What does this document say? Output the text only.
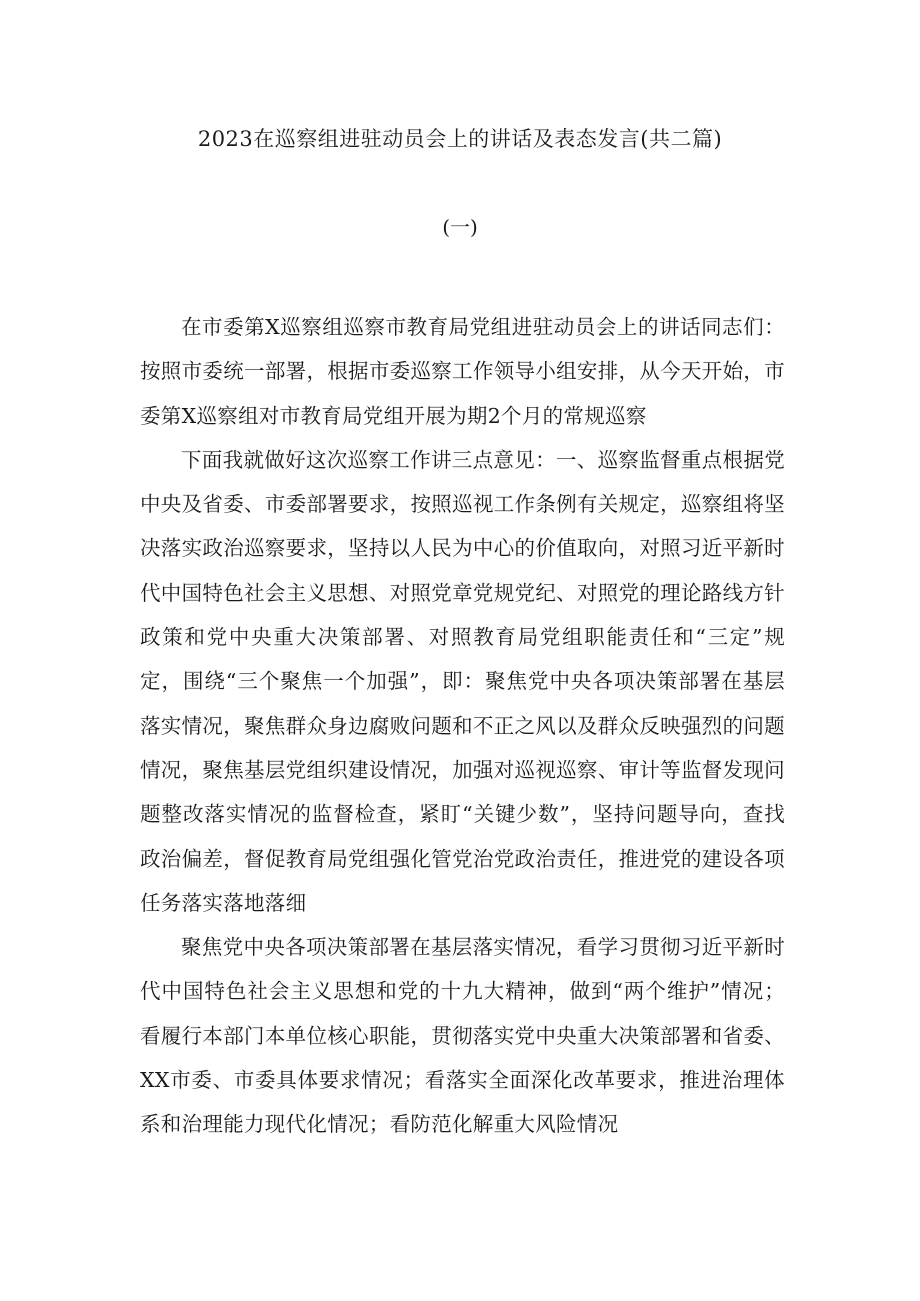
2023在巡察组进驻动员会上的讲话及表态发言(共二篇)
(一)

在市委第X巡察组巡察市教育局党组进驻动员会上的讲话同志们：按照市委统一部署，根据市委巡察工作领导小组安排，从今天开始，市委第X巡察组对市教育局党组开展为期2个月的常规巡察

下面我就做好这次巡察工作讲三点意见：一、巡察监督重点根据党中央及省委、市委部署要求，按照巡视工作条例有关规定，巡察组将坚决落实政治巡察要求，坚持以人民为中心的价值取向，对照习近平新时代中国特色社会主义思想、对照党章党规党纪、对照党的理论路线方针政策和党中央重大决策部署、对照教育局党组职能责任和“三定”规定，围绕“三个聚焦一个加强”，即：聚焦党中央各项决策部署在基层落实情况，聚焦群众身边腐败问题和不正之风以及群众反映强烈的问题情况，聚焦基层党组织建设情况，加强对巡视巡察、审计等监督发现问题整改落实情况的监督检查，紧盯“关键少数”，坚持问题导向，查找政治偏差，督促教育局党组强化管党治党政治责任，推进党的建设各项任务落实落地落细

聚焦党中央各项决策部署在基层落实情况，看学习贯彻习近平新时代中国特色社会主义思想和党的十九大精神，做到“两个维护”情况；看履行本部门本单位核心职能，贯彻落实党中央重大决策部署和省委、XX市委、市委具体要求情况；看落实全面深化改革要求，推进治理体系和治理能力现代化情况；看防范化解重大风险情况
